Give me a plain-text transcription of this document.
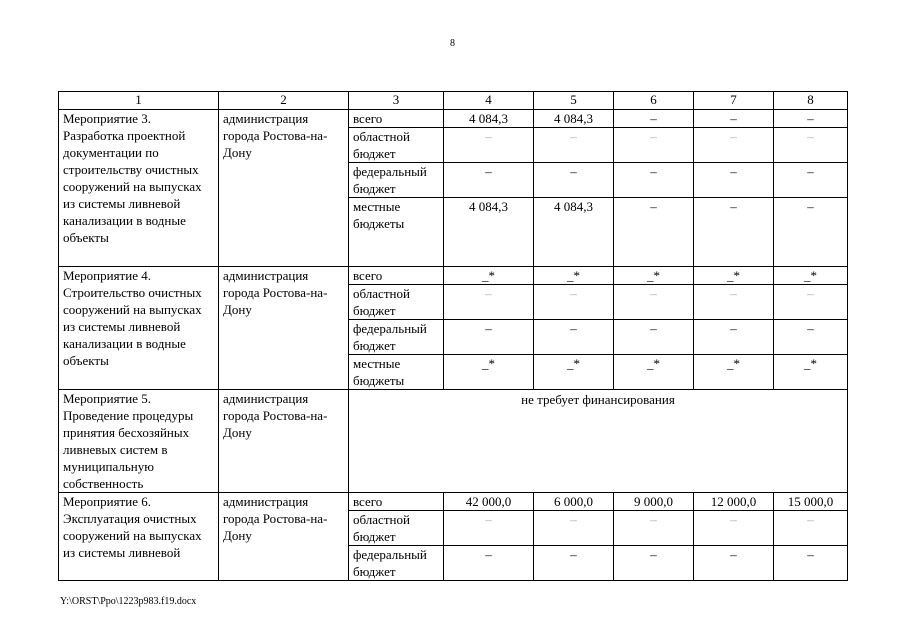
8
1	2	3	4	5	6	7	8
Мероприятие 3. Разработка проектной документации по строительству очистных сооружений на выпусках из системы ливневой канализации в водные объекты	администрация города Ростова-на-Дону	всего	4 084,3	4 084,3	–	–	–
		областной бюджет	–	–	–	–	–
		федеральный бюджет	–	–	–	–	–
		местные бюджеты	4 084,3	4 084,3	–	–	–
Мероприятие 4. Строительство очистных сооружений на выпусках из системы ливневой канализации в водные объекты	администрация города Ростова-на-Дону	всего	_*	_*	_*	_*	_*
		областной бюджет	–	–	–	–	–
		федеральный бюджет	–	–	–	–	–
		местные бюджеты	_*	_*	_*	_*	_*
Мероприятие 5. Проведение процедуры принятия бесхозяйных ливневых систем в муниципальную собственность	администрация города Ростова-на-Дону	не требует финансирования					
Мероприятие 6. Эксплуатация очистных сооружений на выпусках из системы ливневой	администрация города Ростова-на-Дону	всего	42 000,0	6 000,0	9 000,0	12 000,0	15 000,0
		областной бюджет	–	–	–	–	–
		федеральный бюджет	–	–	–	–	–
Y:\ORST\Ppo\1223p983.f19.docx
